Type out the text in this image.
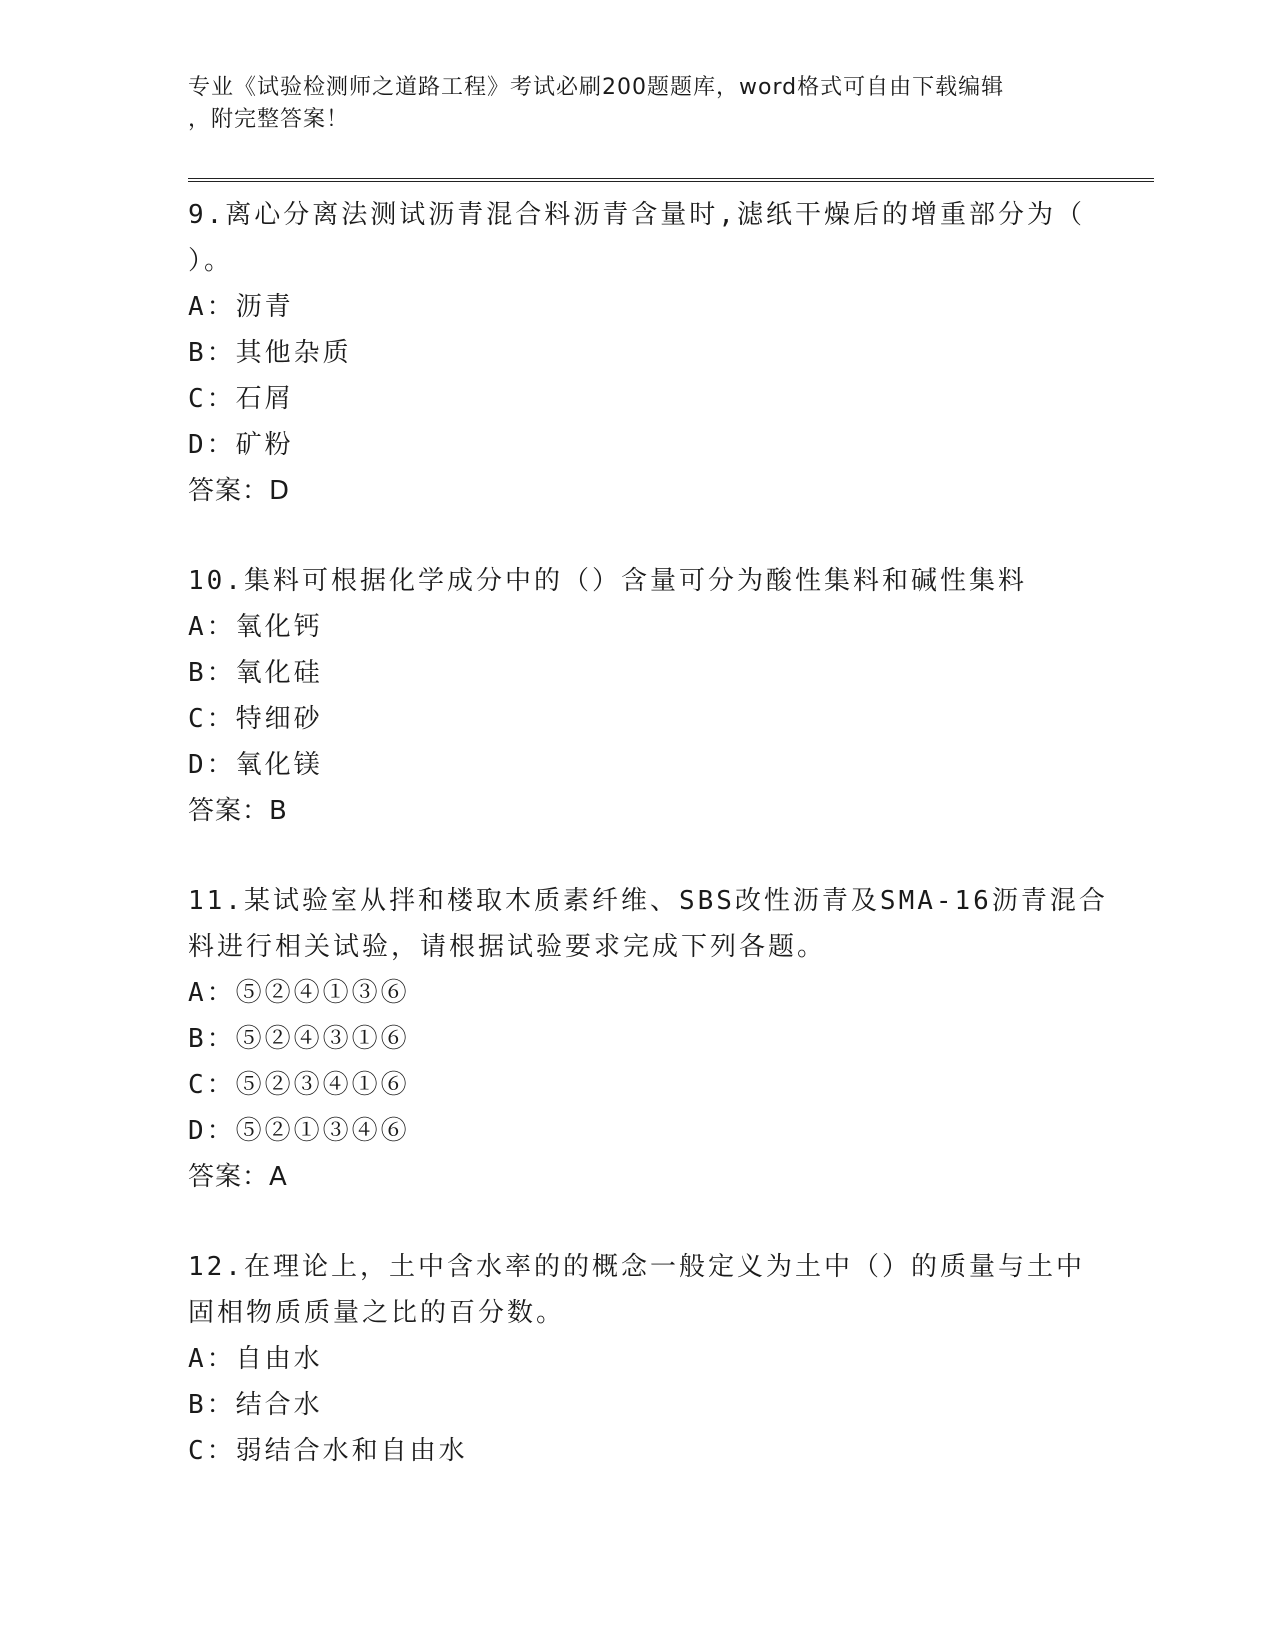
专业《试验检测师之道路工程》考试必刷200题题库，word格式可自由下载编辑
，附完整答案！
9.离心分离法测试沥青混合料沥青含量时,滤纸干燥后的增重部分为（
）。
A：沥青
B：其他杂质
C：石屑
D：矿粉
答案：D
10.集料可根据化学成分中的（）含量可分为酸性集料和碱性集料
A：氧化钙
B：氧化硅
C：特细砂
D：氧化镁
答案：B
11.某试验室从拌和楼取木质素纤维、SBS改性沥青及SMA-16沥青混合
料进行相关试验，请根据试验要求完成下列各题。
A：⑤②④①③⑥
B：⑤②④③①⑥
C：⑤②③④①⑥
D：⑤②①③④⑥
答案：A
12.在理论上，土中含水率的的概念一般定义为土中（）的质量与土中
固相物质质量之比的百分数。
A：自由水
B：结合水
C：弱结合水和自由水
